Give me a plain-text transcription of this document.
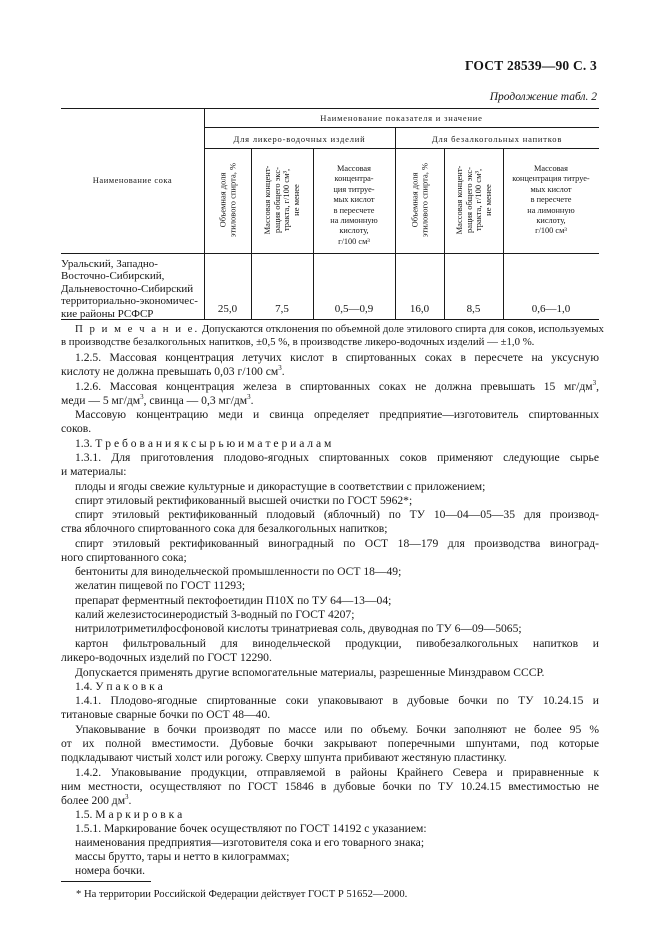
ГОСТ 28539—90 С. 3
Продолжение табл. 2
Наименование показателя и значение
Для ликеро-водочных изделий	Для безалкогольных напитков
Наименование сока
Объемная доля
этилового спирта, %
Массовая концент-
рация общего экс-
тракта, г/100 см³,
не менее
Массовая
концентра-
ция титруе-
мых кислот
в пересчете
на лимонную
кислоту,
г/100 см³
Объемная доля
этилового спирта, %
Массовая концент-
рация общего экс-
тракта, г/100 см³,
не менее
Массовая
концентрация титруе-
мых кислот
в пересчете
на лимонную
кислоту,
г/100 см³
Уральский, Западно-
Восточно-Сибирский,
Дальневосточно-Сибирский
территориально-экономичес-
кие районы РСФСР	25,0	7,5	0,5—0,9	16,0	8,5	0,6—1,0
П р и м е ч а н и е. Допускаются отклонения по объемной доле этилового спирта для соков, используемых
в производстве безалкогольных напитков, ±0,5 %, в производстве ликеро-водочных изделий — ±1,0 %.
1.2.5. Массовая концентрация летучих кислот в спиртованных соках в пересчете на уксусную
кислоту не должна превышать 0,03 г/100 $см^3$.
1.2.6. Массовая концентрация железа в спиртованных соках не должна превышать 15 $мг/дм^3$,
меди — 5 $мг/дм^3$, свинца — 0,3 $мг/дм^3$.
Массовую концентрацию меди и свинца определяет предприятие—изготовитель спиртованных
соков.
1.3. Т р е б о в а н и я к с ы р ь ю и м а т е р и а л а м
1.3.1. Для приготовления плодово-ягодных спиртованных соков применяют следующие сырье
и материалы:
плоды и ягоды свежие культурные и дикорастущие в соответствии с приложением;
спирт этиловый ректификованный высшей очистки по ГОСТ 5962*;
спирт этиловый ректификованный плодовый (яблочный) по ТУ 10—04—05—35 для производ-
ства яблочного спиртованного сока для безалкогольных напитков;
спирт этиловый ректификованный виноградный по ОСТ 18—179 для производства виноград-
ного спиртованного сока;
бентониты для винодельческой промышленности по ОСТ 18—49;
желатин пищевой по ГОСТ 11293;
препарат ферментный пектофоетидин П10Х по ТУ 64—13—04;
калий железистосинеродистый 3-водный по ГОСТ 4207;
нитрилотриметилфосфоновой кислоты тринатриевая соль, двуводная по ТУ 6—09—5065;
картон фильтровальный для винодельческой продукции, пивобезалкогольных напитков и
ликеро-водочных изделий по ГОСТ 12290.
Допускается применять другие вспомогательные материалы, разрешенные Минздравом СССР.
1.4. У п а к о в к а
1.4.1. Плодово-ягодные спиртованные соки упаковывают в дубовые бочки по ТУ 10.24.15 и
титановые сварные бочки по ОСТ 48—40.
Упаковывание в бочки производят по массе или по объему. Бочки заполняют не более 95 %
от их полной вместимости. Дубовые бочки закрывают поперечными шпунтами, под которые
подкладывают чистый холст или рогожу. Сверху шпунта прибивают жестяную пластинку.
1.4.2. Упаковывание продукции, отправляемой в районы Крайнего Севера и приравненные к
ним местности, осуществляют по ГОСТ 15846 в дубовые бочки по ТУ 10.24.15 вместимостью не
более 200 $дм^3$.
1.5. М а р к и р о в к а
1.5.1. Маркирование бочек осуществляют по ГОСТ 14192 с указанием:
наименования предприятия—изготовителя сока и его товарного знака;
массы брутто, тары и нетто в килограммах;
номера бочки.
* На территории Российской Федерации действует ГОСТ Р 51652—2000.
